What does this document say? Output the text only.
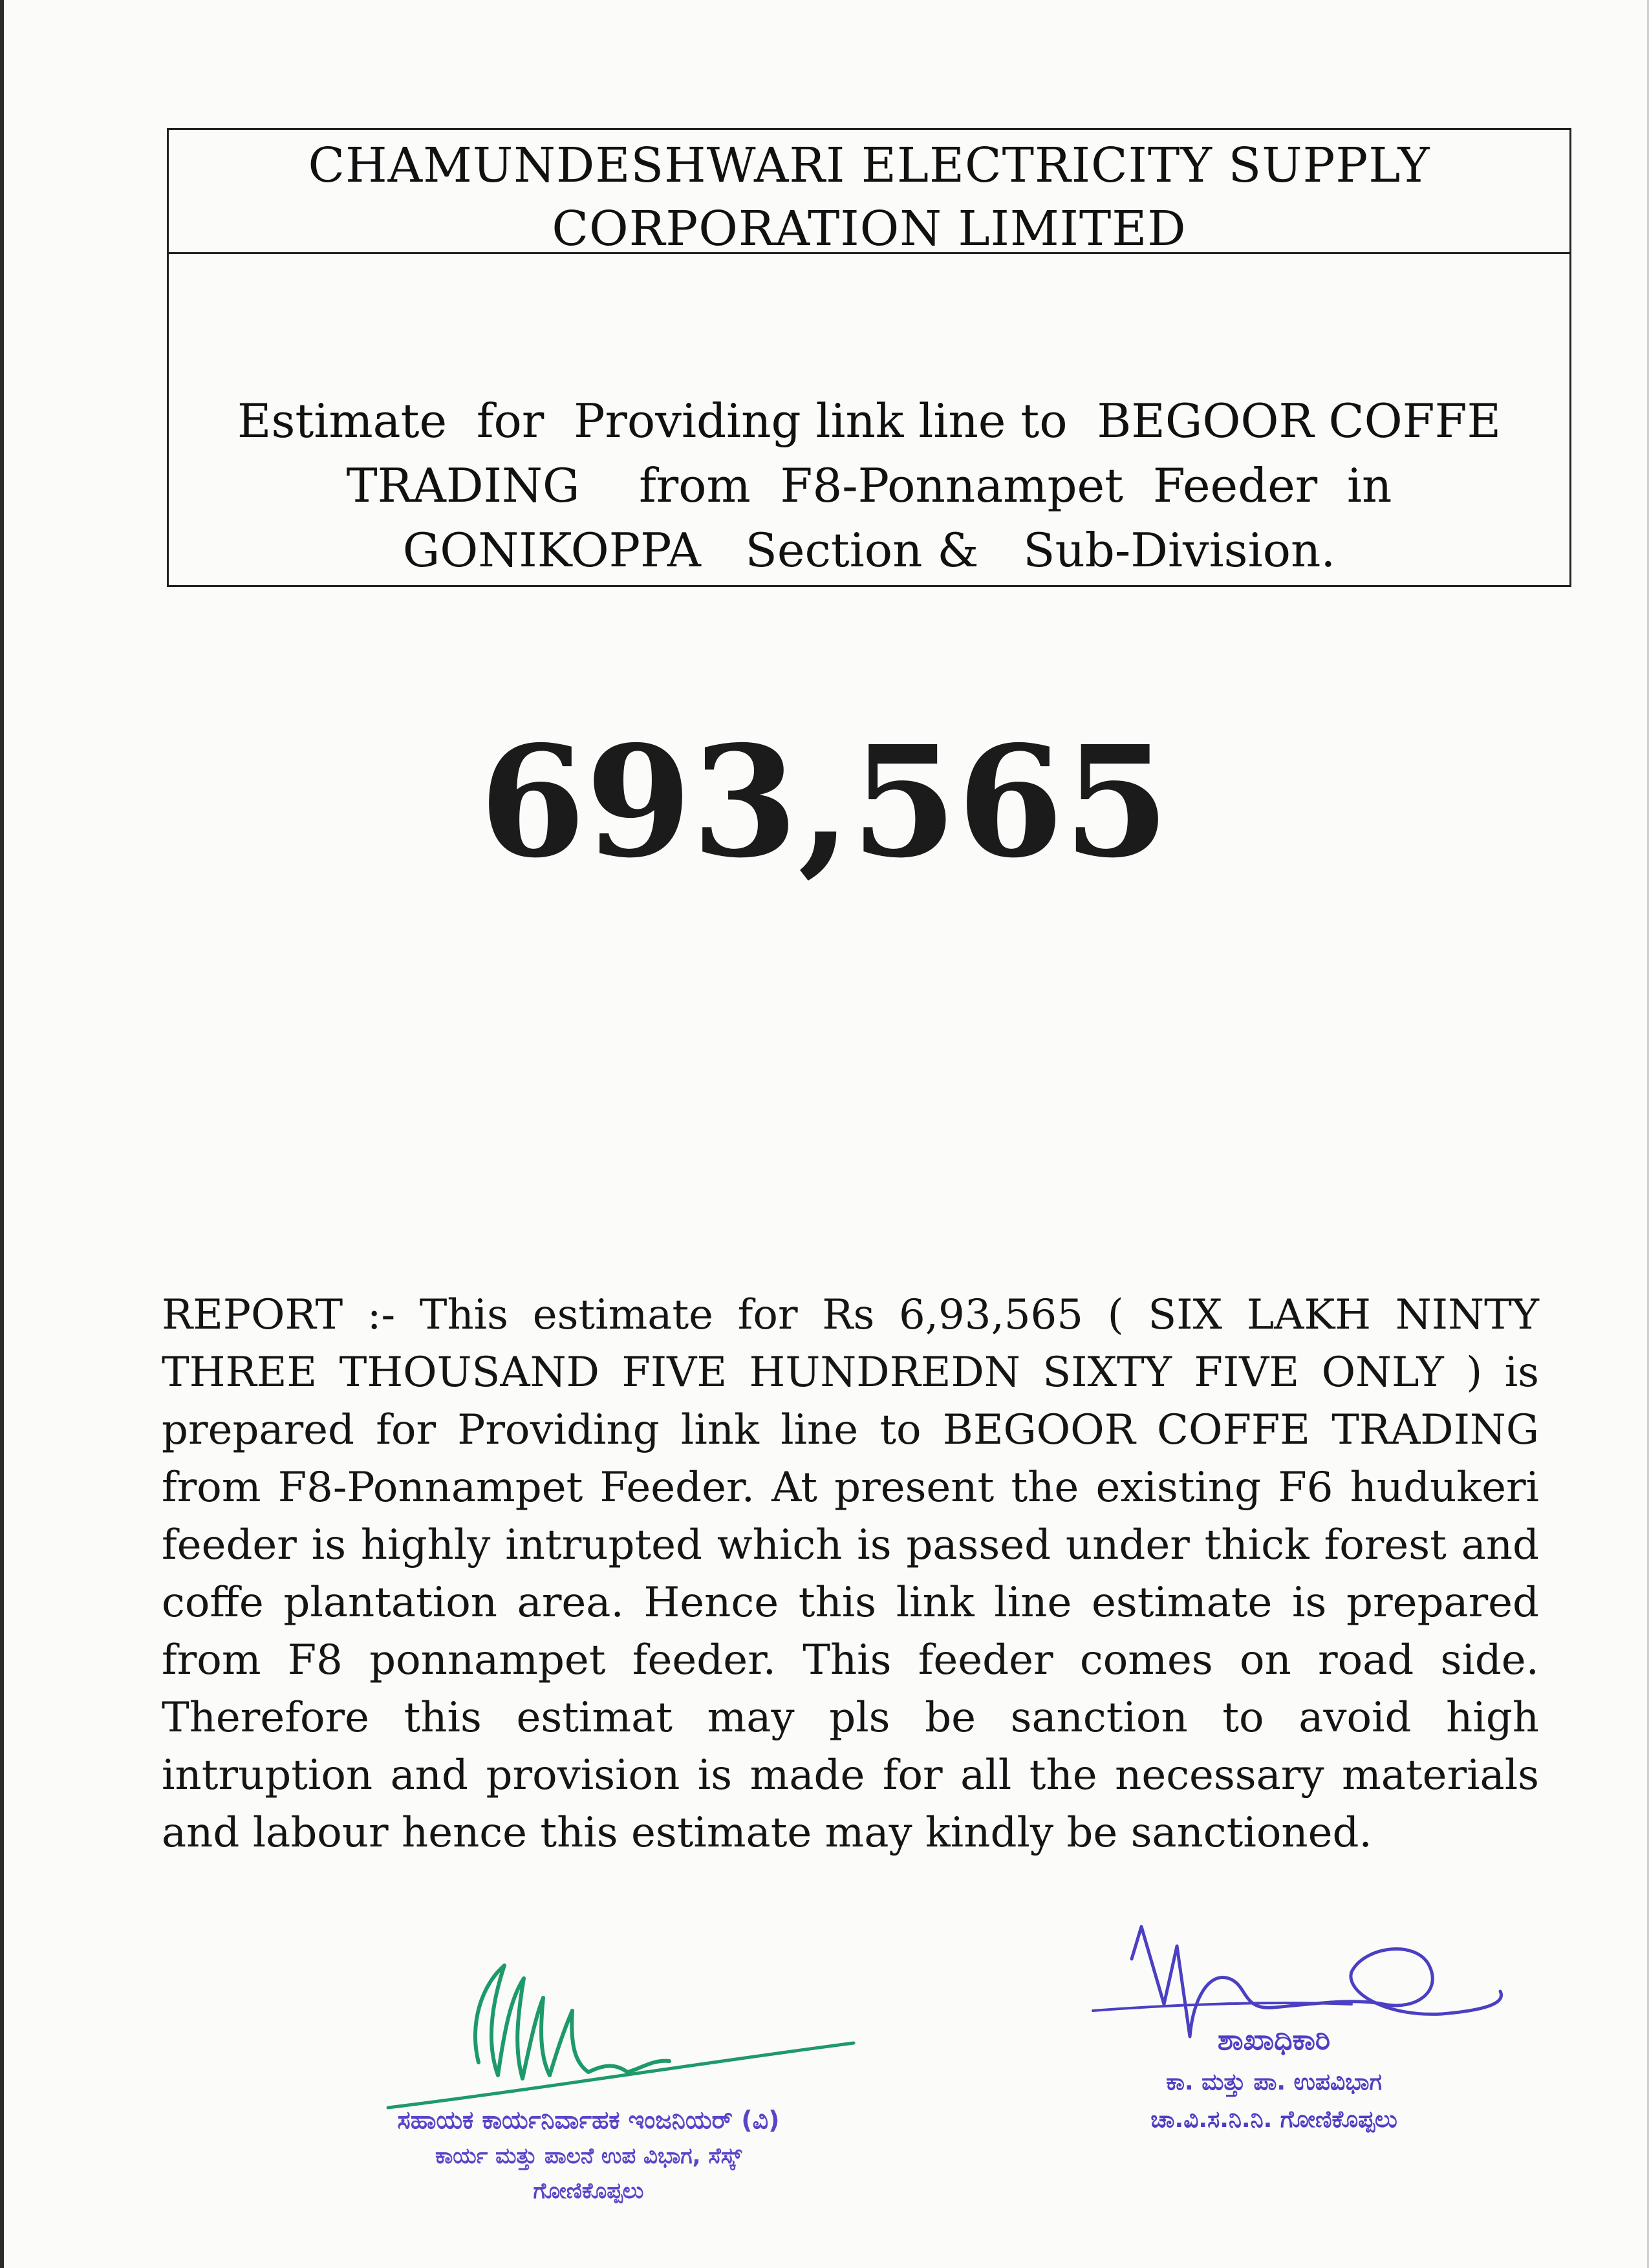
CHAMUNDESHWARI ELECTRICITY SUPPLY
CORPORATION LIMITED
Estimate  for  Providing link line to  BEGOOR COFFE
TRADING    from  F8-Ponnampet  Feeder  in
GONIKOPPA   Section &   Sub-Division.
693,565
REPORT :- This estimate for Rs 6,93,565 ( SIX LAKH NINTY THREE THOUSAND FIVE HUNDREDN SIXTY FIVE ONLY ) is prepared for Providing link line to BEGOOR COFFE TRADING from F8-Ponnampet Feeder. At present the existing F6 hudukeri feeder is highly intrupted which is passed under thick forest and coffe plantation area. Hence this link line estimate is prepared from F8 ponnampet feeder. This feeder comes on road side. Therefore this estimat may pls be sanction to avoid high intruption and provision is made for all the necessary materials and labour hence this estimate may kindly be sanctioned.
ಸಹಾಯಕ ಕಾರ್ಯನಿರ್ವಾಹಕ ಇಂಜನಿಯರ್ (ವಿ)
ಕಾರ್ಯ ಮತ್ತು ಪಾಲನೆ ಉಪ ವಿಭಾಗ, ಸೆಸ್ಕ್
ಗೋಣಿಕೊಪ್ಪಲು
ಶಾಖಾಧಿಕಾರಿ
ಕಾ. ಮತ್ತು ಪಾ. ಉಪವಿಭಾಗ
ಚಾ.ವಿ.ಸ.ನಿ.ನಿ. ಗೋಣಿಕೊಪ್ಪಲು
